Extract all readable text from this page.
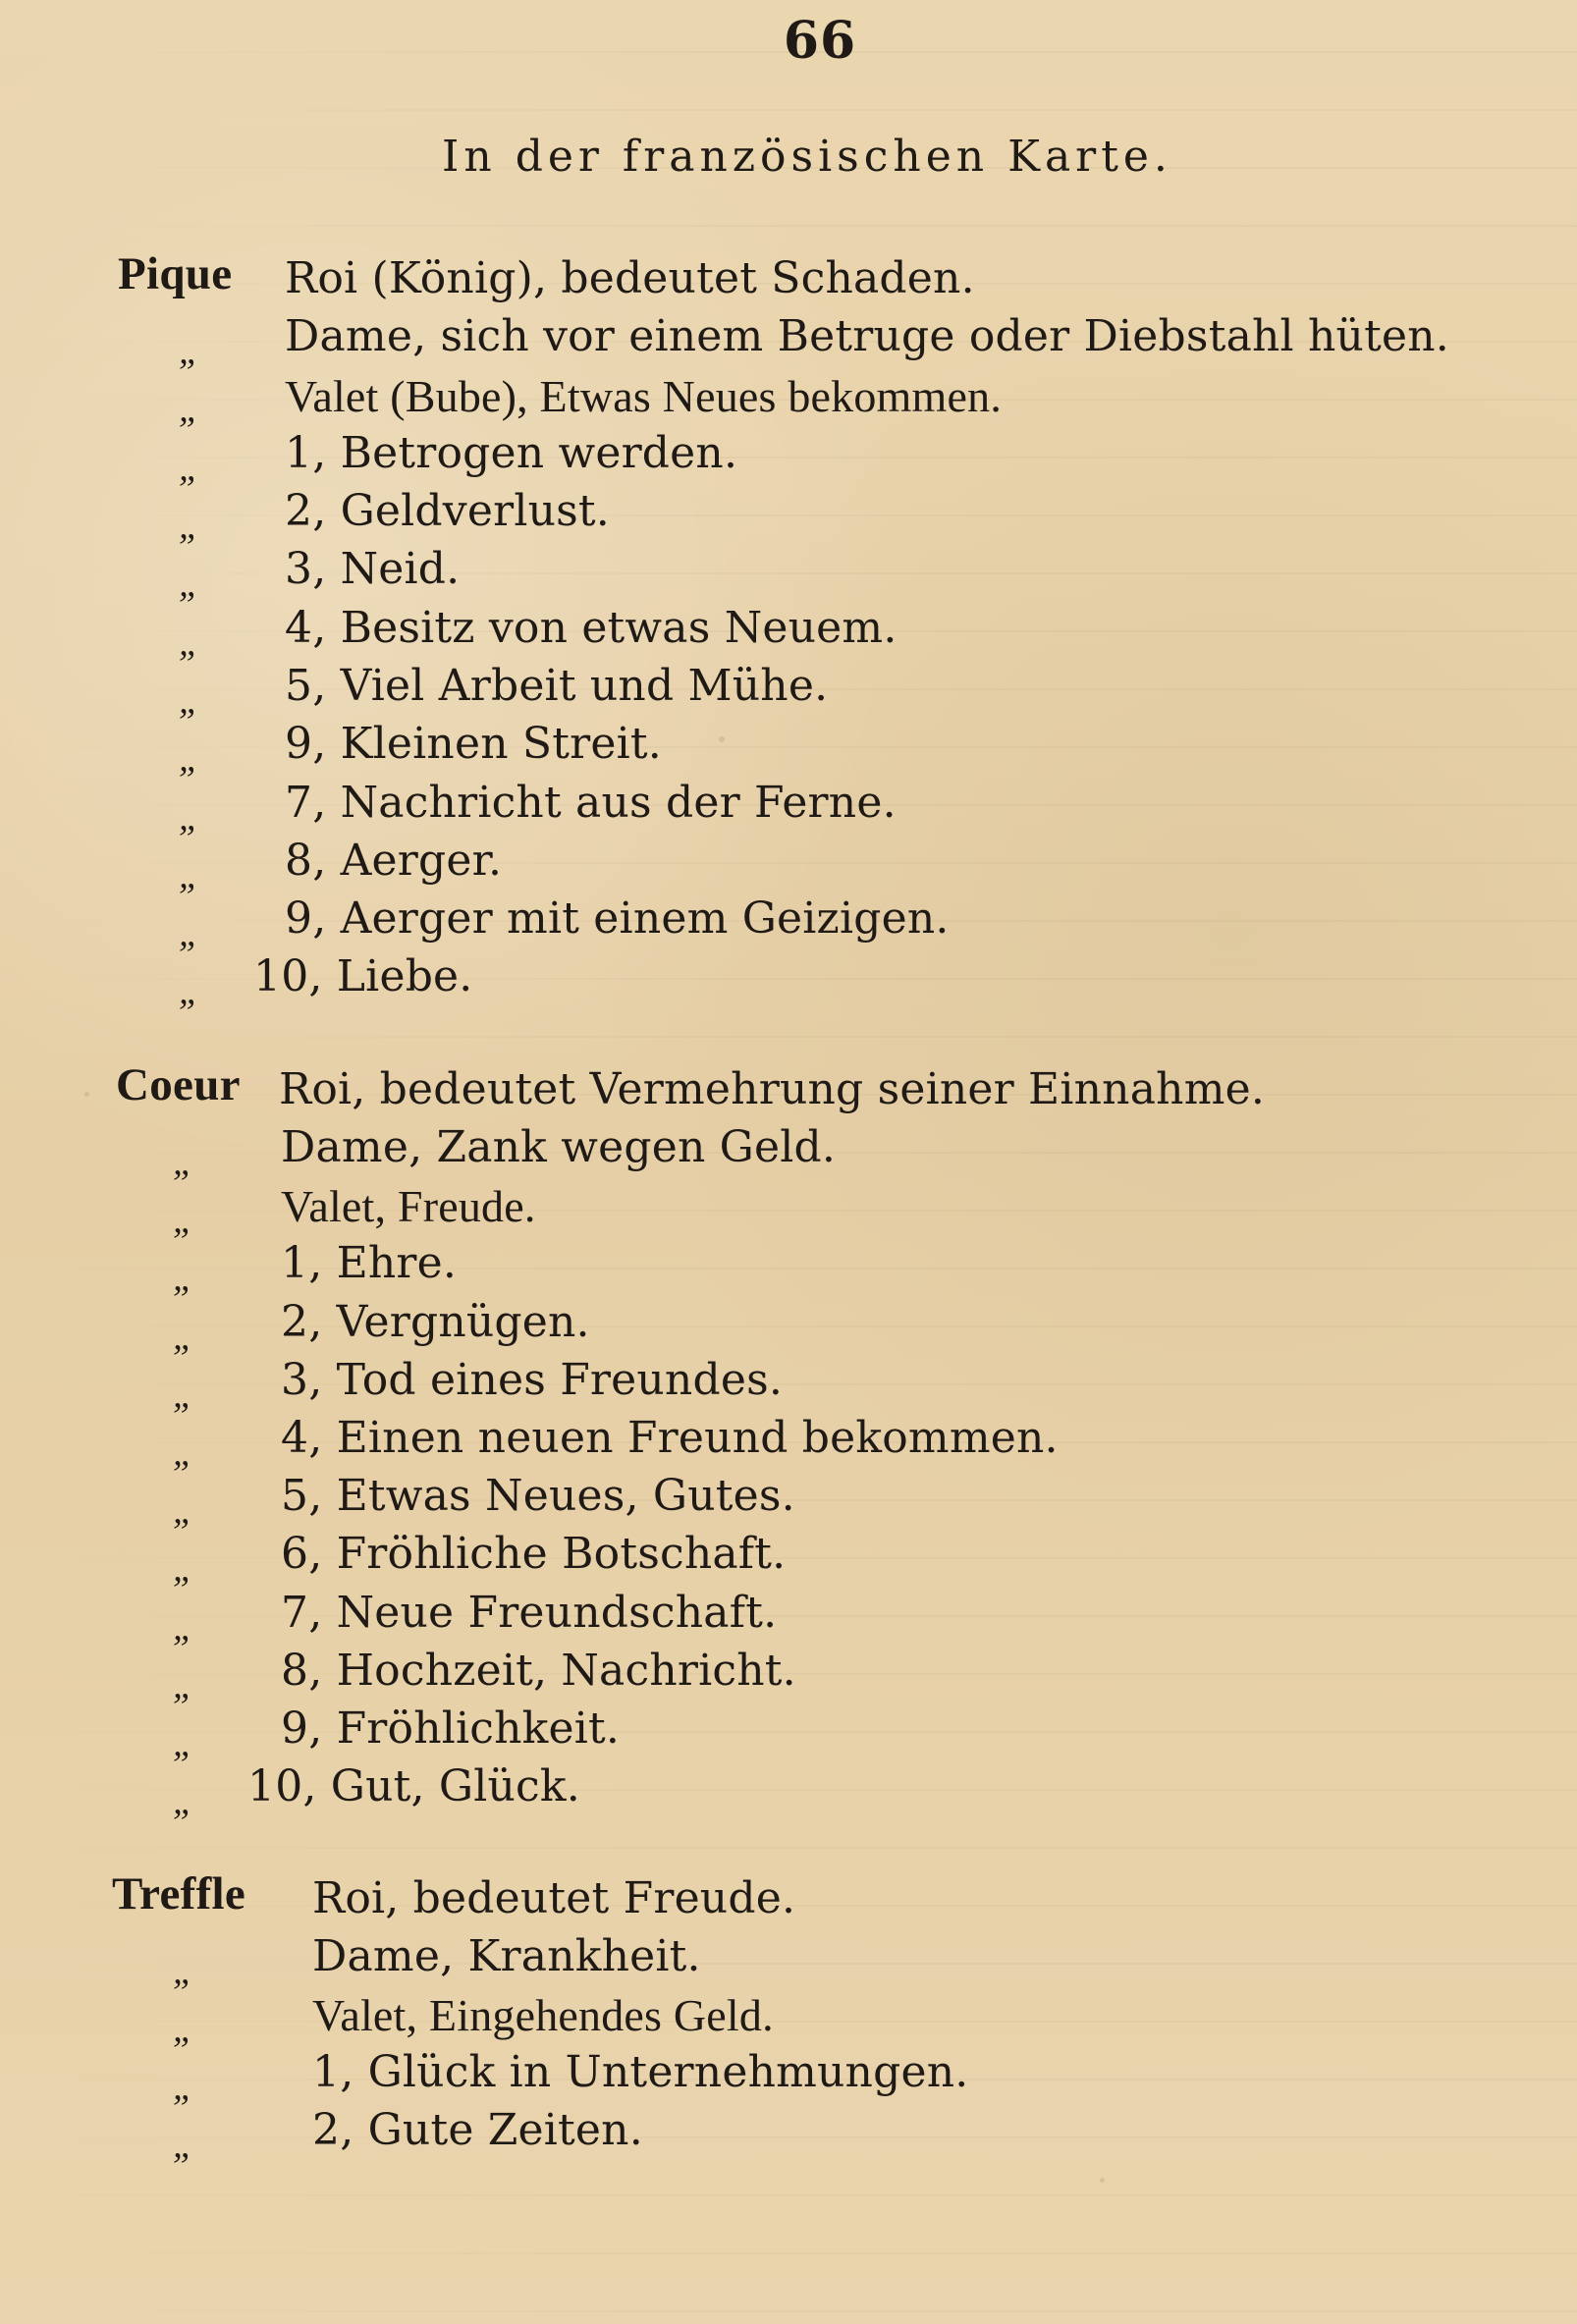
66
In der französischen Karte.
Pique Roi (König), bedeutet Schaden.
„ Dame, sich vor einem Betruge oder Diebstahl hüten.
„ Valet (Bube), Etwas Neues bekommen.
„ 1, Betrogen werden.
„ 2, Geldverlust.
„ 3, Neid.
„ 4, Besitz von etwas Neuem.
„ 5, Viel Arbeit und Mühe.
„ 9, Kleinen Streit.
„ 7, Nachricht aus der Ferne.
„ 8, Aerger.
„ 9, Aerger mit einem Geizigen.
„ 10, Liebe.
Coeur Roi, bedeutet Vermehrung seiner Einnahme.
„ Dame, Zank wegen Geld.
„ Valet, Freude.
„ 1, Ehre.
„ 2, Vergnügen.
„ 3, Tod eines Freundes.
„ 4, Einen neuen Freund bekommen.
„ 5, Etwas Neues, Gutes.
„ 6, Fröhliche Botschaft.
„ 7, Neue Freundschaft.
„ 8, Hochzeit, Nachricht.
„ 9, Fröhlichkeit.
„ 10, Gut, Glück.
Treffle Roi, bedeutet Freude.
„	Dame, Krankheit.
„	Valet, Eingehendes Geld.
„	1, Glück in Unternehmungen.
„	2, Gute Zeiten.
